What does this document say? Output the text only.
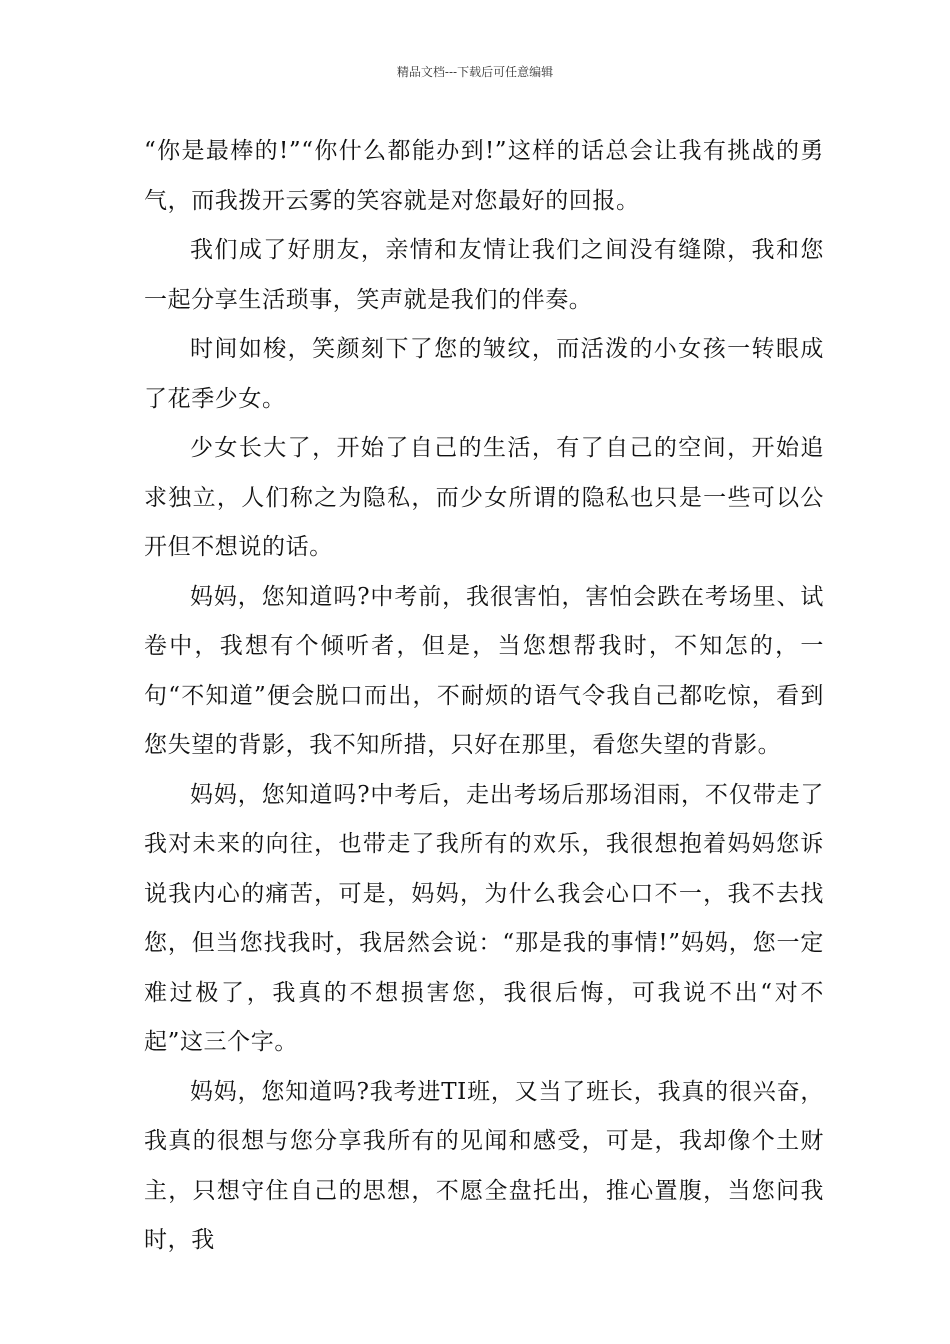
精品文档---下载后可任意编辑

“你是最棒的!”“你什么都能办到!”这样的话总会让我有挑战的勇气，而我拨开云雾的笑容就是对您最好的回报。

我们成了好朋友，亲情和友情让我们之间没有缝隙，我和您一起分享生活琐事，笑声就是我们的伴奏。

时间如梭，笑颜刻下了您的皱纹，而活泼的小女孩一转眼成了花季少女。

少女长大了，开始了自己的生活，有了自己的空间，开始追求独立，人们称之为隐私，而少女所谓的隐私也只是一些可以公开但不想说的话。

妈妈，您知道吗?中考前，我很害怕，害怕会跌在考场里、试卷中，我想有个倾听者，但是，当您想帮我时，不知怎的，一句“不知道”便会脱口而出，不耐烦的语气令我自己都吃惊，看到您失望的背影，我不知所措，只好在那里，看您失望的背影。

妈妈，您知道吗?中考后，走出考场后那场泪雨，不仅带走了我对未来的向往，也带走了我所有的欢乐，我很想抱着妈妈您诉说我内心的痛苦，可是，妈妈，为什么我会心口不一，我不去找您，但当您找我时，我居然会说：“那是我的事情!”妈妈，您一定难过极了，我真的不想损害您，我很后悔，可我说不出“对不起”这三个字。

妈妈，您知道吗?我考进TI班，又当了班长，我真的很兴奋，我真的很想与您分享我所有的见闻和感受，可是，我却像个土财主，只想守住自己的思想，不愿全盘托出，推心置腹，当您问我时，我
